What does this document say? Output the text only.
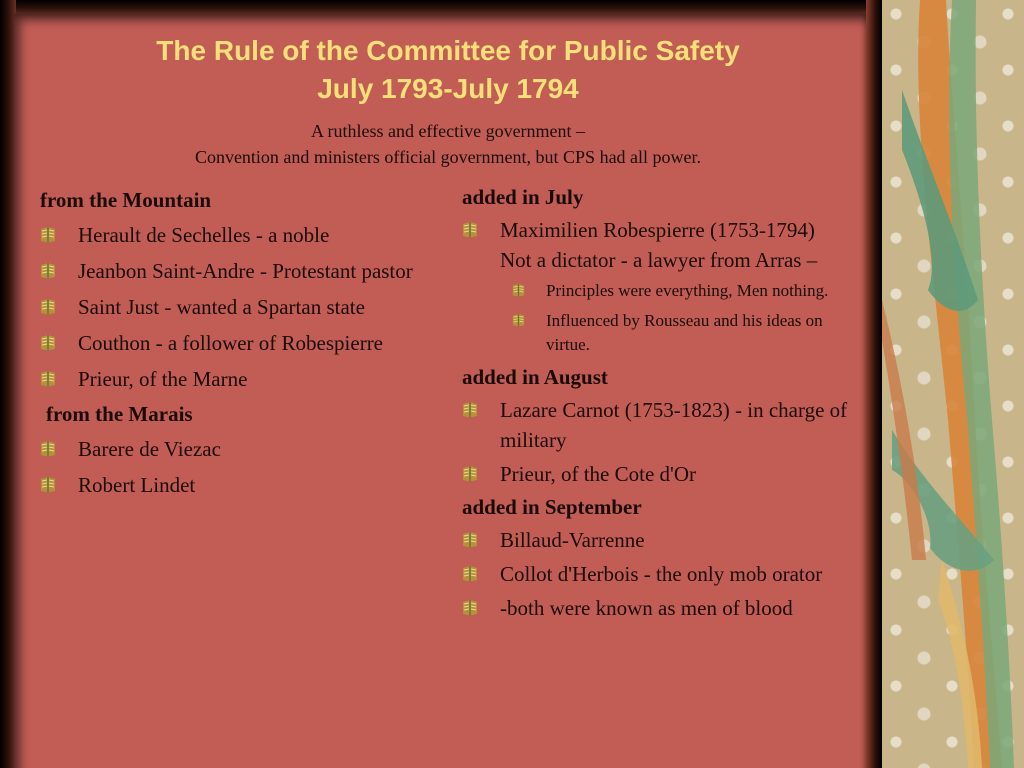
The Rule of the Committee for Public Safety
July 1793-July 1794
A ruthless and effective government –
Convention and ministers official government, but CPS had all power.
from the Mountain
Herault de Sechelles - a noble
Jeanbon Saint-Andre - Protestant pastor
Saint Just - wanted a Spartan state
Couthon - a follower of Robespierre
Prieur, of the Marne
from the Marais
Barere de Viezac
Robert Lindet
added in July
Maximilien Robespierre (1753-1794)
Not a dictator - a lawyer from Arras –
Principles were everything, Men nothing.
Influenced by Rousseau and his ideas on virtue.
added in August
Lazare Carnot (1753-1823) - in charge of military
Prieur, of the Cote d'Or
added in September
Billaud-Varrenne
Collot d'Herbois - the only mob orator
-both were known as men of blood
